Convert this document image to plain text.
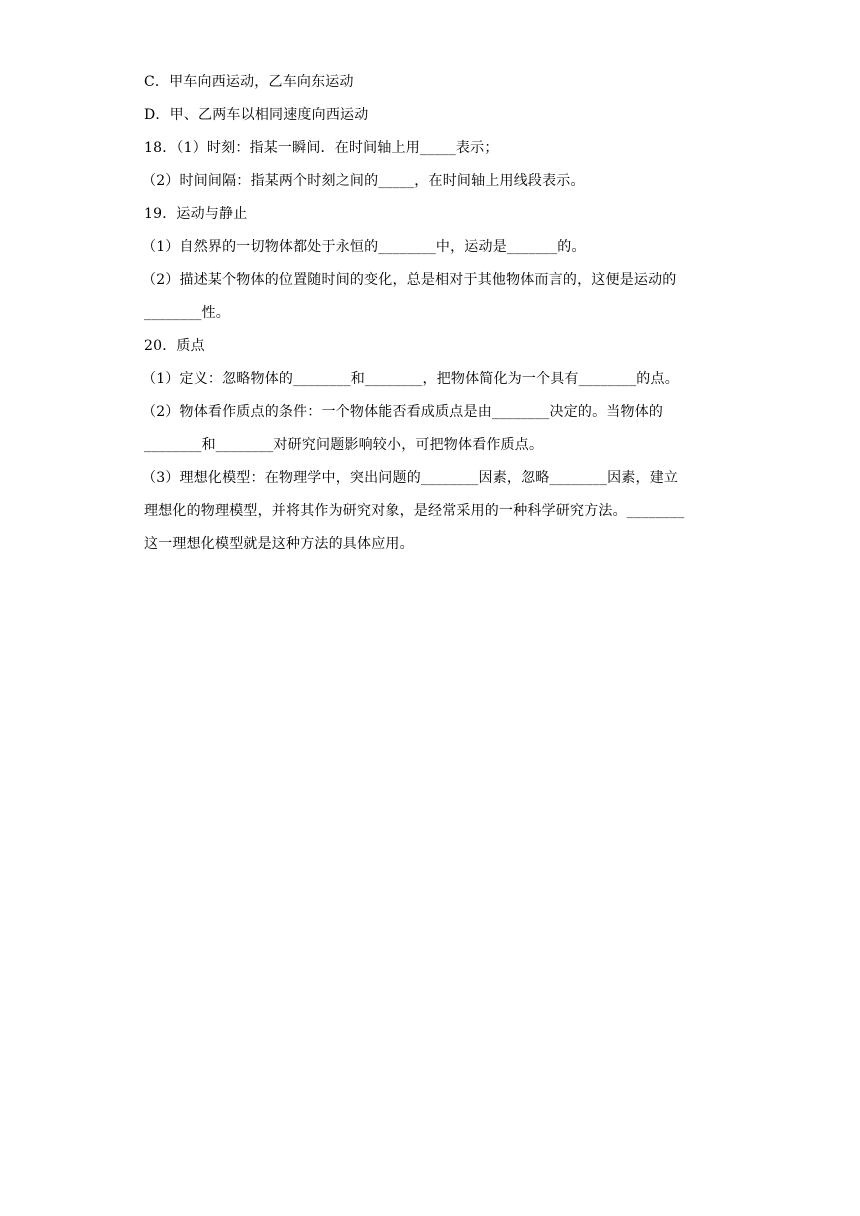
C．甲车向西运动，乙车向东运动
D．甲、乙两车以相同速度向西运动
18．（1）时刻：指某一瞬间．在时间轴上用_____表示；
（2）时间间隔：指某两个时刻之间的_____，在时间轴上用线段表示。
19．运动与静止
（1）自然界的一切物体都处于永恒的________中，运动是_______的。
（2）描述某个物体的位置随时间的变化，总是相对于其他物体而言的，这便是运动的
________性。
20．质点
（1）定义：忽略物体的________和________，把物体简化为一个具有________的点。
（2）物体看作质点的条件：一个物体能否看成质点是由________决定的。当物体的
________和________对研究问题影响较小，可把物体看作质点。
（3）理想化模型：在物理学中，突出问题的________因素，忽略________因素，建立
理想化的物理模型，并将其作为研究对象，是经常采用的一种科学研究方法。________
这一理想化模型就是这种方法的具体应用。
